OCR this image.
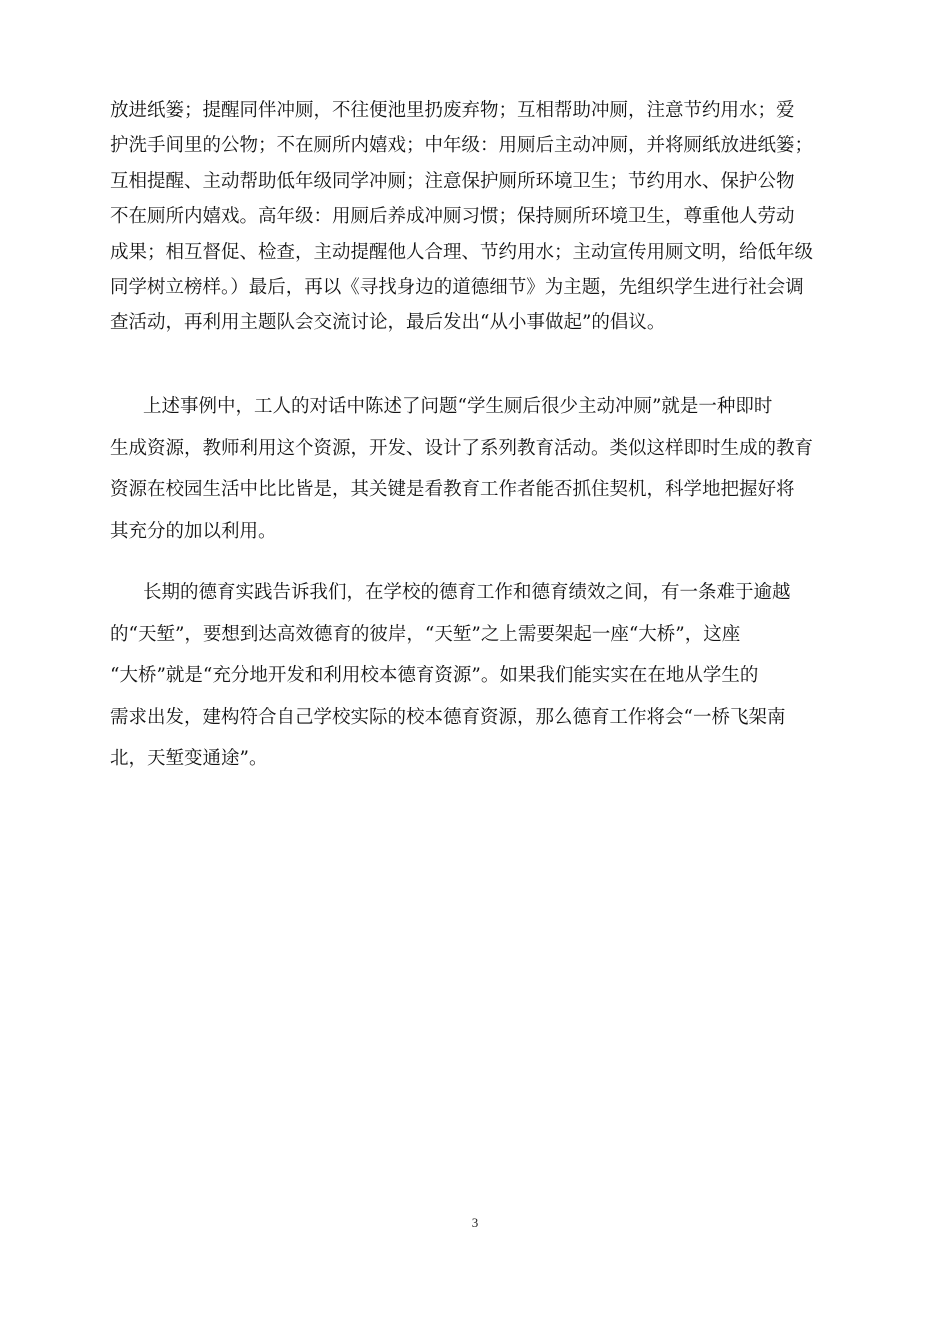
放进纸篓；提醒同伴冲厕，不往便池里扔废弃物；互相帮助冲厕，注意节约用水；爱
护洗手间里的公物；不在厕所内嬉戏；中年级：用厕后主动冲厕，并将厕纸放进纸篓；
互相提醒、主动帮助低年级同学冲厕；注意保护厕所环境卫生；节约用水、保护公物
不在厕所内嬉戏。高年级：用厕后养成冲厕习惯；保持厕所环境卫生，尊重他人劳动
成果；相互督促、检查，主动提醒他人合理、节约用水；主动宣传用厕文明，给低年级
同学树立榜样。）最后，再以《寻找身边的道德细节》为主题，先组织学生进行社会调
查活动，再利用主题队会交流讨论，最后发出“从小事做起”的倡议。
上述事例中，工人的对话中陈述了问题“学生厕后很少主动冲厕”就是一种即时
生成资源，教师利用这个资源，开发、设计了系列教育活动。类似这样即时生成的教育
资源在校园生活中比比皆是，其关键是看教育工作者能否抓住契机，科学地把握好将
其充分的加以利用。
长期的德育实践告诉我们，在学校的德育工作和德育绩效之间，有一条难于逾越
的“天堑”，要想到达高效德育的彼岸，“天堑”之上需要架起一座“大桥”，这座
“大桥”就是“充分地开发和利用校本德育资源”。如果我们能实实在在地从学生的
需求出发，建构符合自己学校实际的校本德育资源，那么德育工作将会“一桥飞架南
北，天堑变通途”。
3
